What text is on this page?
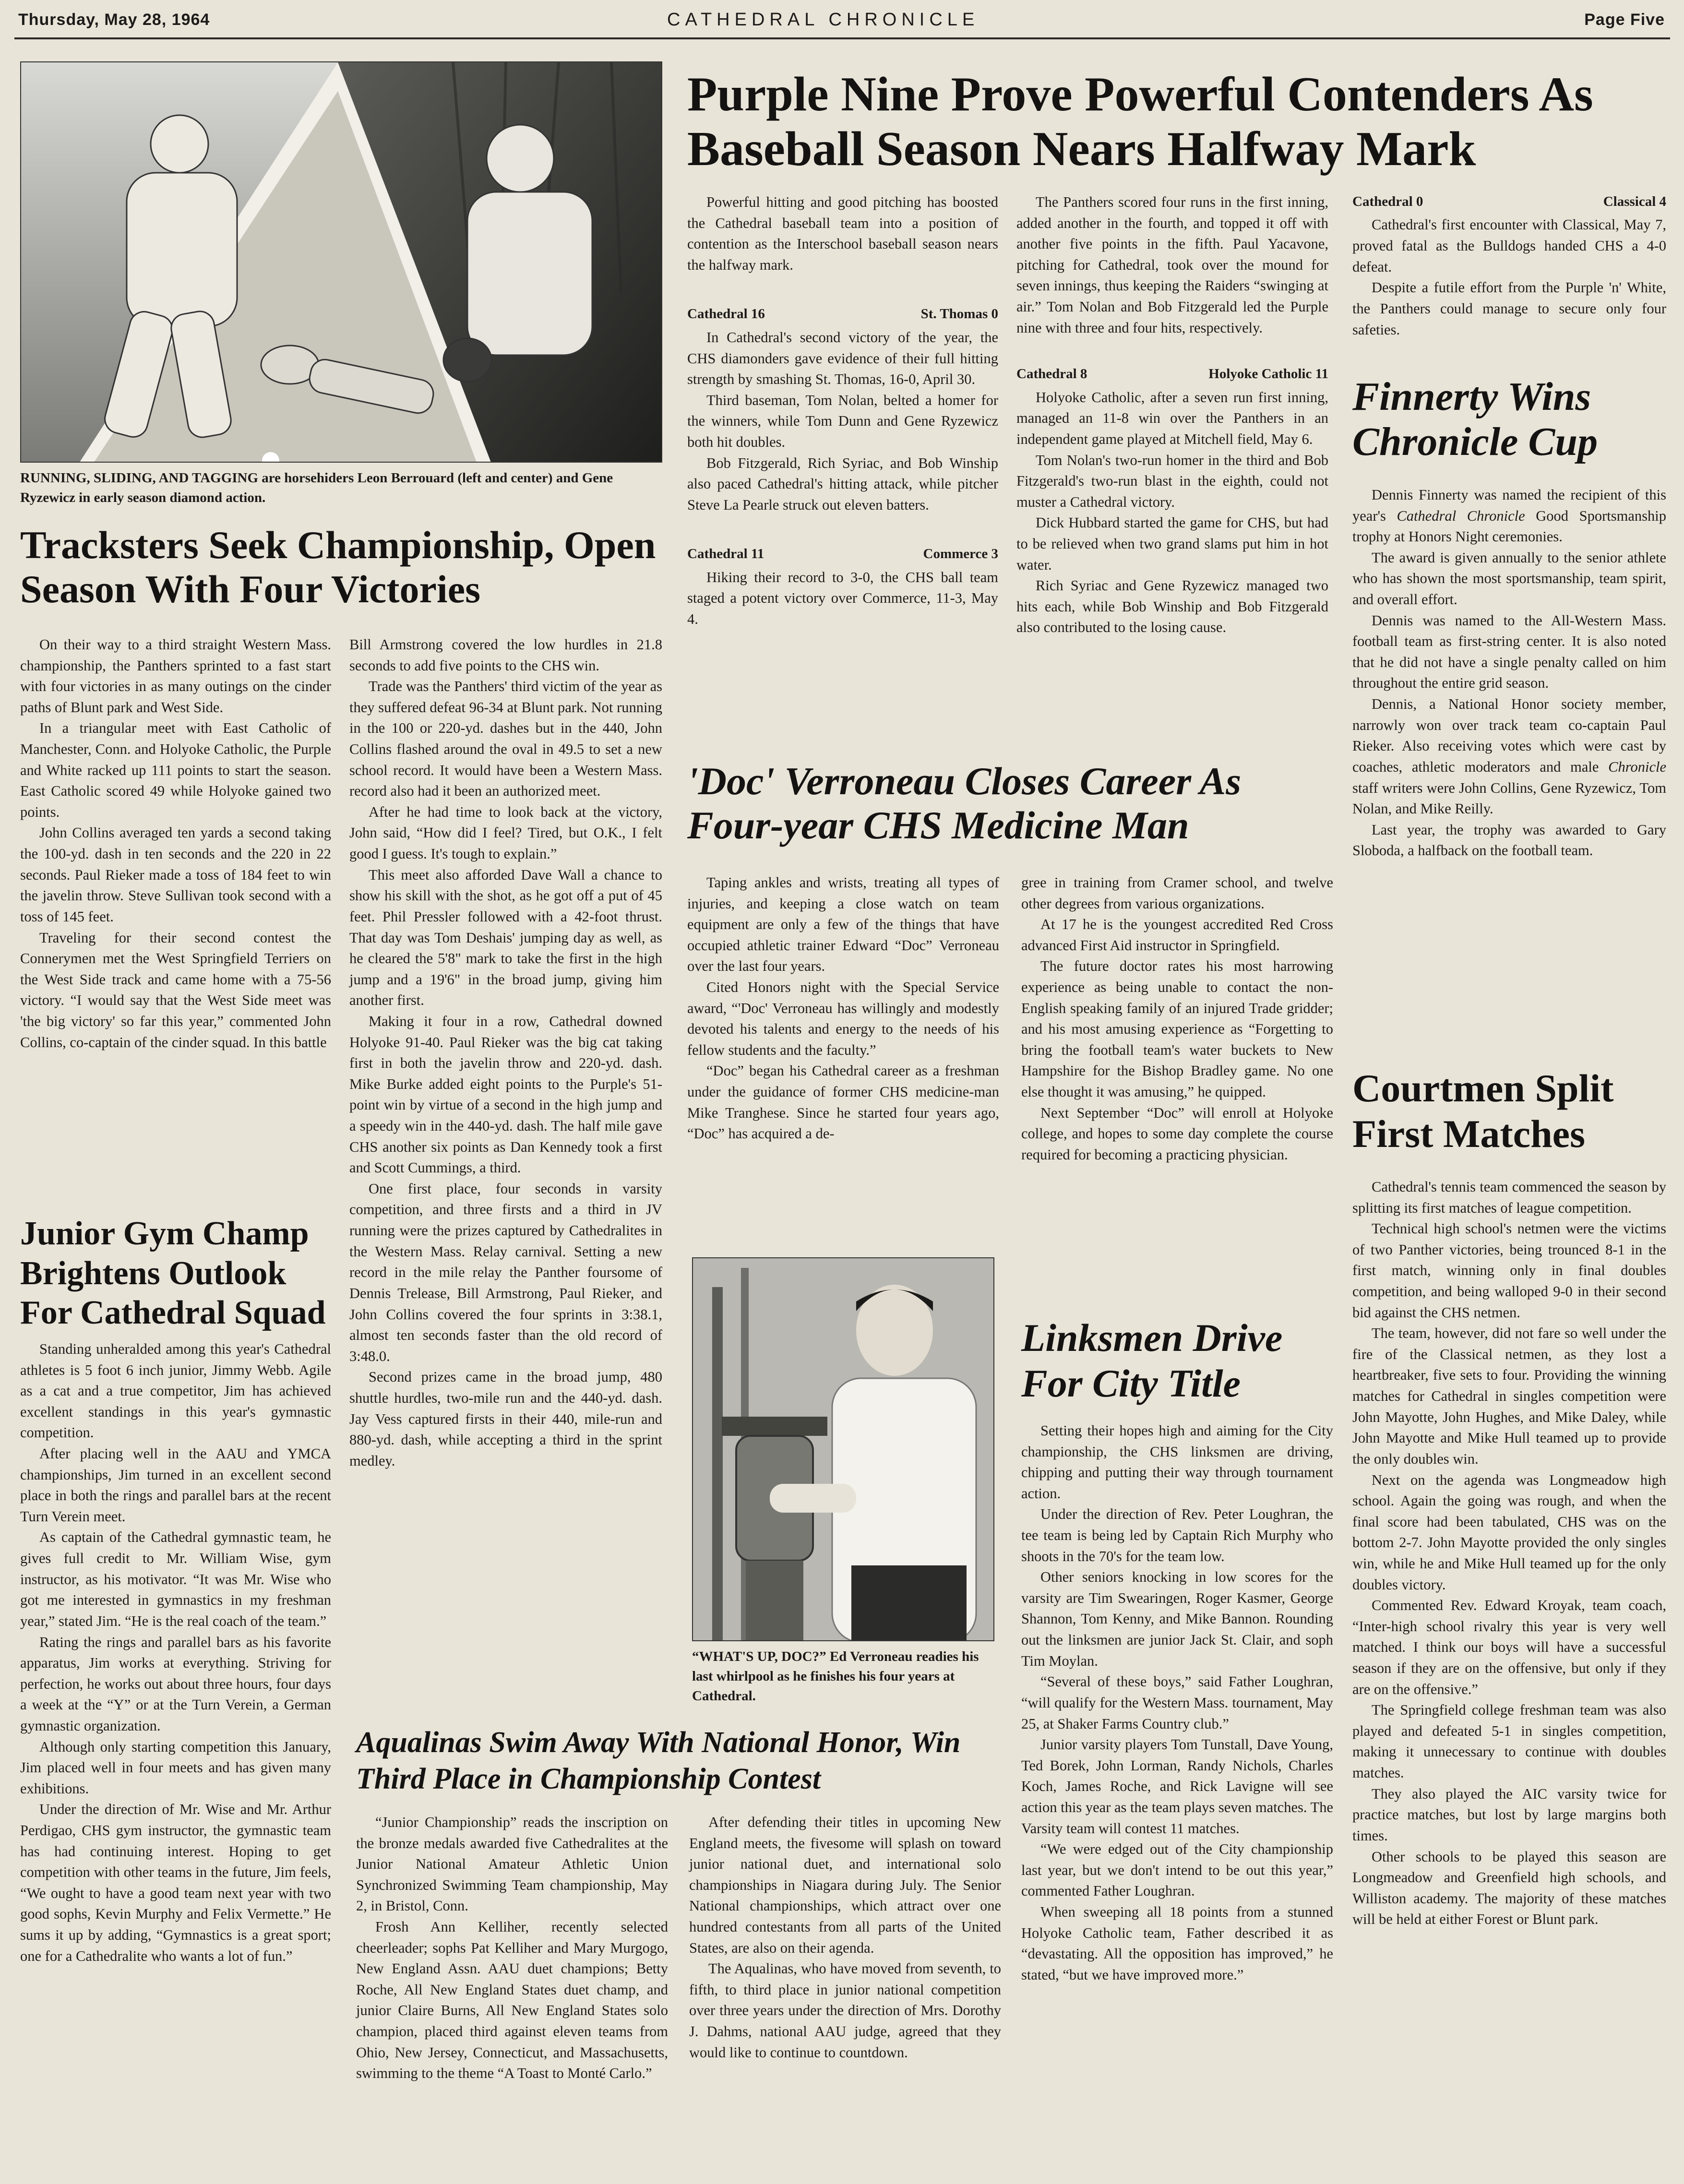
Thursday, May 28, 1964	CATHEDRAL CHRONICLE	Page Five
RUNNING, SLIDING, AND TAGGING are horsehiders Leon Berrouard (left and center) and Gene Ryzewicz in early season diamond action.
Purple Nine Prove Powerful Contenders As Baseball Season Nears Halfway Mark

Powerful hitting and good pitching has boosted the Cathedral baseball team into a position of contention as the Interschool baseball season nears the halfway mark.

Cathedral 16	St. Thomas 0

In Cathedral's second victory of the year, the CHS diamonders gave evidence of their full hitting strength by smashing St. Thomas, 16-0, April 30.

Third baseman, Tom Nolan, belted a homer for the winners, while Tom Dunn and Gene Ryzewicz both hit doubles.

Bob Fitzgerald, Rich Syriac, and Bob Winship also paced Cathedral's hitting attack, while pitcher Steve La Pearle struck out eleven batters.

Cathedral 11	Commerce 3

Hiking their record to 3-0, the CHS ball team staged a potent victory over Commerce, 11-3, May 4.

The Panthers scored four runs in the first inning, added another in the fourth, and topped it off with another five points in the fifth. Paul Yacavone, pitching for Cathedral, took over the mound for seven innings, thus keeping the Raiders “swinging at air.” Tom Nolan and Bob Fitzgerald led the Purple nine with three and four hits, respectively.

Cathedral 8	Holyoke Catholic 11

Holyoke Catholic, after a seven run first inning, managed an 11-8 win over the Panthers in an independent game played at Mitchell field, May 6.

Tom Nolan's two-run homer in the third and Bob Fitzgerald's two-run blast in the eighth, could not muster a Cathedral victory.

Dick Hubbard started the game for CHS, but had to be relieved when two grand slams put him in hot water.

Rich Syriac and Gene Ryzewicz managed two hits each, while Bob Winship and Bob Fitzgerald also contributed to the losing cause.

Cathedral 0	Classical 4

Cathedral's first encounter with Classical, May 7, proved fatal as the Bulldogs handed CHS a 4-0 defeat.

Despite a futile effort from the Purple 'n' White, the Panthers could manage to secure only four safeties.

Finnerty Wins Chronicle Cup

Dennis Finnerty was named the recipient of this year's Cathedral Chronicle Good Sportsmanship trophy at Honors Night ceremonies.

The award is given annually to the senior athlete who has shown the most sportsmanship, team spirit, and overall effort.

Dennis was named to the All-Western Mass. football team as first-string center. It is also noted that he did not have a single penalty called on him throughout the entire grid season.

Dennis, a National Honor society member, narrowly won over track team co-captain Paul Rieker. Also receiving votes which were cast by coaches, athletic moderators and male Chronicle staff writers were John Collins, Gene Ryzewicz, Tom Nolan, and Mike Reilly.

Last year, the trophy was awarded to Gary Sloboda, a halfback on the football team.

Tracksters Seek Championship, Open Season With Four Victories

On their way to a third straight Western Mass. championship, the Panthers sprinted to a fast start with four victories in as many outings on the cinder paths of Blunt park and West Side.

In a triangular meet with East Catholic of Manchester, Conn. and Holyoke Catholic, the Purple and White racked up 111 points to start the season. East Catholic scored 49 while Holyoke gained two points.

John Collins averaged ten yards a second taking the 100-yd. dash in ten seconds and the 220 in 22 seconds. Paul Rieker made a toss of 184 feet to win the javelin throw. Steve Sullivan took second with a toss of 145 feet.

Traveling for their second contest the Connerymen met the West Springfield Terriers on the West Side track and came home with a 75-56 victory. “I would say that the West Side meet was 'the big victory' so far this year,” commented John Collins, co-captain of the cinder squad. In this battle

Bill Armstrong covered the low hurdles in 21.8 seconds to add five points to the CHS win.

Trade was the Panthers' third victim of the year as they suffered defeat 96-34 at Blunt park. Not running in the 100 or 220-yd. dashes but in the 440, John Collins flashed around the oval in 49.5 to set a new school record. It would have been a Western Mass. record also had it been an authorized meet.

After he had time to look back at the victory, John said, “How did I feel? Tired, but O.K., I felt good I guess. It's tough to explain.”

This meet also afforded Dave Wall a chance to show his skill with the shot, as he got off a put of 45 feet. Phil Pressler followed with a 42-foot thrust. That day was Tom Deshais' jumping day as well, as he cleared the 5'8" mark to take the first in the high jump and a 19'6" in the broad jump, giving him another first.

Making it four in a row, Cathedral downed Holyoke 91-40. Paul Rieker was the big cat taking first in both the javelin throw and 220-yd. dash. Mike Burke added eight points to the Purple's 51-point win by virtue of a second in the high jump and a speedy win in the 440-yd. dash. The half mile gave CHS another six points as Dan Kennedy took a first and Scott Cummings, a third.

One first place, four seconds in varsity competition, and three firsts and a third in JV running were the prizes captured by Cathedralites in the Western Mass. Relay carnival. Setting a new record in the mile relay the Panther foursome of Dennis Trelease, Bill Armstrong, Paul Rieker, and John Collins covered the four sprints in 3:38.1, almost ten seconds faster than the old record of 3:48.0.

Second prizes came in the broad jump, 480 shuttle hurdles, two-mile run and the 440-yd. dash. Jay Vess captured firsts in their 440, mile-run and 880-yd. dash, while accepting a third in the sprint medley.

Junior Gym Champ Brightens Outlook For Cathedral Squad

Standing unheralded among this year's Cathedral athletes is 5 foot 6 inch junior, Jimmy Webb. Agile as a cat and a true competitor, Jim has achieved excellent standings in this year's gymnastic competition.

After placing well in the AAU and YMCA championships, Jim turned in an excellent second place in both the rings and parallel bars at the recent Turn Verein meet.

As captain of the Cathedral gymnastic team, he gives full credit to Mr. William Wise, gym instructor, as his motivator. “It was Mr. Wise who got me interested in gymnastics in my freshman year,” stated Jim. “He is the real coach of the team.”

Rating the rings and parallel bars as his favorite apparatus, Jim works at everything. Striving for perfection, he works out about three hours, four days a week at the “Y” or at the Turn Verein, a German gymnastic organization.

Although only starting competition this January, Jim placed well in four meets and has given many exhibitions.

Under the direction of Mr. Wise and Mr. Arthur Perdigao, CHS gym instructor, the gymnastic team has had continuing interest. Hoping to get competition with other teams in the future, Jim feels, “We ought to have a good team next year with two good sophs, Kevin Murphy and Felix Vermette.” He sums it up by adding, “Gymnastics is a great sport; one for a Cathedralite who wants a lot of fun.”

'Doc' Verroneau Closes Career As Four-year CHS Medicine Man

Taping ankles and wrists, treating all types of injuries, and keeping a close watch on team equipment are only a few of the things that have occupied athletic trainer Edward “Doc” Verroneau over the last four years.

Cited Honors night with the Special Service award, “'Doc' Verroneau has willingly and modestly devoted his talents and energy to the needs of his fellow students and the faculty.”

“Doc” began his Cathedral career as a freshman under the guidance of former CHS medicine-man Mike Tranghese. Since he started four years ago, “Doc” has acquired a de-

gree in training from Cramer school, and twelve other degrees from various organizations.

At 17 he is the youngest accredited Red Cross advanced First Aid instructor in Springfield.

The future doctor rates his most harrowing experience as being unable to contact the non-English speaking family of an injured Trade gridder; and his most amusing experience as “Forgetting to bring the football team's water buckets to New Hampshire for the Bishop Bradley game. No one else thought it was amusing,” he quipped.

Next September “Doc” will enroll at Holyoke college, and hopes to some day complete the course required for becoming a practicing physician.

“WHAT'S UP, DOC?” Ed Verroneau readies his last whirlpool as he finishes his four years at Cathedral.
Linksmen Drive For City Title

Setting their hopes high and aiming for the City championship, the CHS linksmen are driving, chipping and putting their way through tournament action.

Under the direction of Rev. Peter Loughran, the tee team is being led by Captain Rich Murphy who shoots in the 70's for the team low.

Other seniors knocking in low scores for the varsity are Tim Swearingen, Roger Kasmer, George Shannon, Tom Kenny, and Mike Bannon. Rounding out the linksmen are junior Jack St. Clair, and soph Tim Moylan.

“Several of these boys,” said Father Loughran, “will qualify for the Western Mass. tournament, May 25, at Shaker Farms Country club.”

Junior varsity players Tom Tunstall, Dave Young, Ted Borek, John Lorman, Randy Nichols, Charles Koch, James Roche, and Rick Lavigne will see action this year as the team plays seven matches. The Varsity team will contest 11 matches.

“We were edged out of the City championship last year, but we don't intend to be out this year,” commented Father Loughran.

When sweeping all 18 points from a stunned Holyoke Catholic team, Father described it as “devastating. All the opposition has improved,” he stated, “but we have improved more.”

Courtmen Split First Matches

Cathedral's tennis team commenced the season by splitting its first matches of league competition.

Technical high school's netmen were the victims of two Panther victories, being trounced 8-1 in the first match, winning only in final doubles competition, and being walloped 9-0 in their second bid against the CHS netmen.

The team, however, did not fare so well under the fire of the Classical netmen, as they lost a heartbreaker, five sets to four. Providing the winning matches for Cathedral in singles competition were John Mayotte, John Hughes, and Mike Daley, while John Mayotte and Mike Hull teamed up to provide the only doubles win.

Next on the agenda was Longmeadow high school. Again the going was rough, and when the final score had been tabulated, CHS was on the bottom 2-7. John Mayotte provided the only singles win, while he and Mike Hull teamed up for the only doubles victory.

Commented Rev. Edward Kroyak, team coach, “Inter-high school rivalry this year is very well matched. I think our boys will have a successful season if they are on the offensive, but only if they are on the offensive.”

The Springfield college freshman team was also played and defeated 5-1 in singles competition, making it unnecessary to continue with doubles matches.

They also played the AIC varsity twice for practice matches, but lost by large margins both times.

Other schools to be played this season are Longmeadow and Greenfield high schools, and Williston academy. The majority of these matches will be held at either Forest or Blunt park.

Aqualinas Swim Away With National Honor, Win Third Place in Championship Contest

“Junior Championship” reads the inscription on the bronze medals awarded five Cathedralites at the Junior National Amateur Athletic Union Synchronized Swimming Team championship, May 2, in Bristol, Conn.

Frosh Ann Kelliher, recently selected cheerleader; sophs Pat Kelliher and Mary Murgogo, New England Assn. AAU duet champions; Betty Roche, All New England States duet champ, and junior Claire Burns, All New England States solo champion, placed third against eleven teams from Ohio, New Jersey, Connecticut, and Massachusetts, swimming to the theme “A Toast to Monté Carlo.”

After defending their titles in upcoming New England meets, the fivesome will splash on toward junior national duet, and international solo championships in Niagara during July. The Senior National championships, which attract over one hundred contestants from all parts of the United States, are also on their agenda.

The Aqualinas, who have moved from seventh, to fifth, to third place in junior national competition over three years under the direction of Mrs. Dorothy J. Dahms, national AAU judge, agreed that they would like to continue to countdown.
